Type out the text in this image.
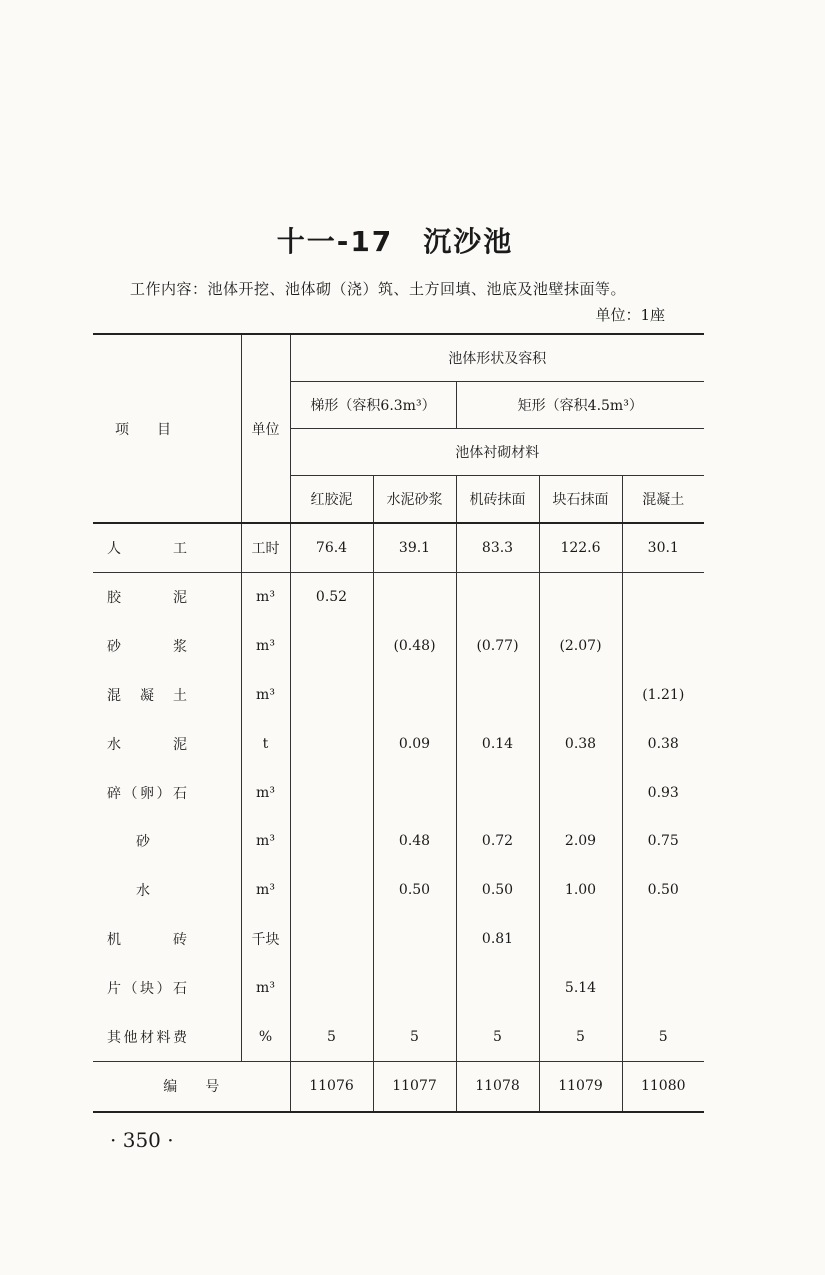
十一-17　沉沙池
工作内容：池体开挖、池体砌（浇）筑、土方回填、池底及池壁抹面等。
单位：1座
项　　目	单位	池体形状及容积				
		梯形（容积6.3m³）		矩形（容积4.5m³）		
		池体衬砌材料				
		红胶泥	水泥砂浆	机砖抹面	块石抹面	混凝土

人工	工时	76.4	39.1	83.3	122.6	30.1

胶泥	m³	0.52				

砂浆	m³		(0.48)	(0.77)	(2.07)	

混凝土	m³					(1.21)

水泥	t		0.09	0.14	0.38	0.38

碎（卵）石	m³					0.93

砂	m³		0.48	0.72	2.09	0.75

水	m³		0.50	0.50	1.00	0.50

机砖	千块			0.81		

片（块）石	m³				5.14	

其他材料费	%	5	5	5	5	5
编　　号		11076	11077	11078	11079	11080
· 350 ·
